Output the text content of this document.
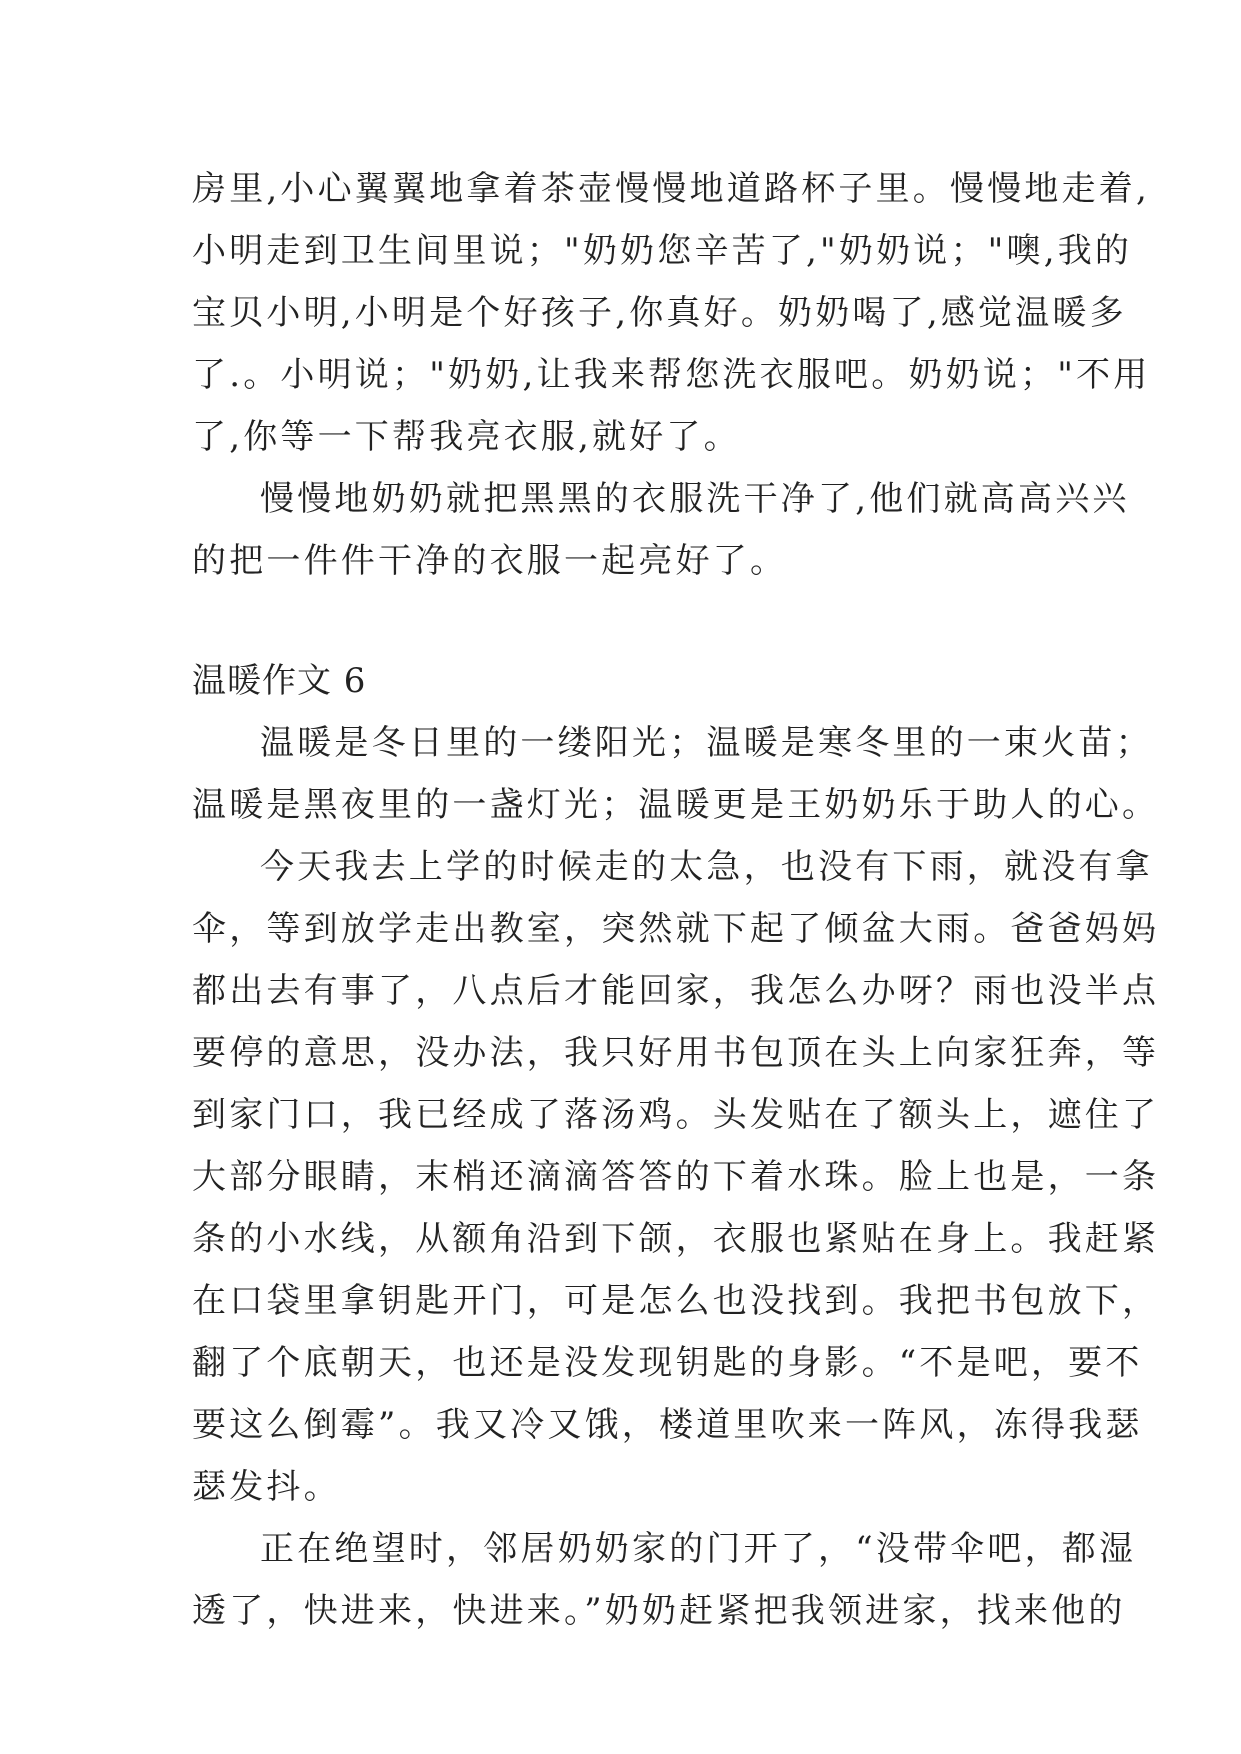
房里,小心翼翼地拿着茶壶慢慢地道路杯子里。慢慢地走着,
小明走到卫生间里说；"奶奶您辛苦了,"奶奶说；"噢,我的
宝贝小明,小明是个好孩子,你真好。奶奶喝了,感觉温暖多
了.。小明说；"奶奶,让我来帮您洗衣服吧。奶奶说；"不用
了,你等一下帮我亮衣服,就好了。
慢慢地奶奶就把黑黑的衣服洗干净了,他们就高高兴兴
的把一件件干净的衣服一起亮好了。
温暖作文 6
温暖是冬日里的一缕阳光；温暖是寒冬里的一束火苗；
温暖是黑夜里的一盏灯光；温暖更是王奶奶乐于助人的心。
今天我去上学的时候走的太急，也没有下雨，就没有拿
伞，等到放学走出教室，突然就下起了倾盆大雨。爸爸妈妈
都出去有事了，八点后才能回家，我怎么办呀？雨也没半点
要停的意思，没办法，我只好用书包顶在头上向家狂奔，等
到家门口，我已经成了落汤鸡。头发贴在了额头上，遮住了
大部分眼睛，末梢还滴滴答答的下着水珠。脸上也是，一条
条的小水线，从额角沿到下颌，衣服也紧贴在身上。我赶紧
在口袋里拿钥匙开门，可是怎么也没找到。我把书包放下，
翻了个底朝天，也还是没发现钥匙的身影。“不是吧，要不
要这么倒霉”。我又冷又饿，楼道里吹来一阵风，冻得我瑟
瑟发抖。
正在绝望时，邻居奶奶家的门开了，“没带伞吧，都湿
透了，快进来，快进来。”奶奶赶紧把我领进家，找来他的
